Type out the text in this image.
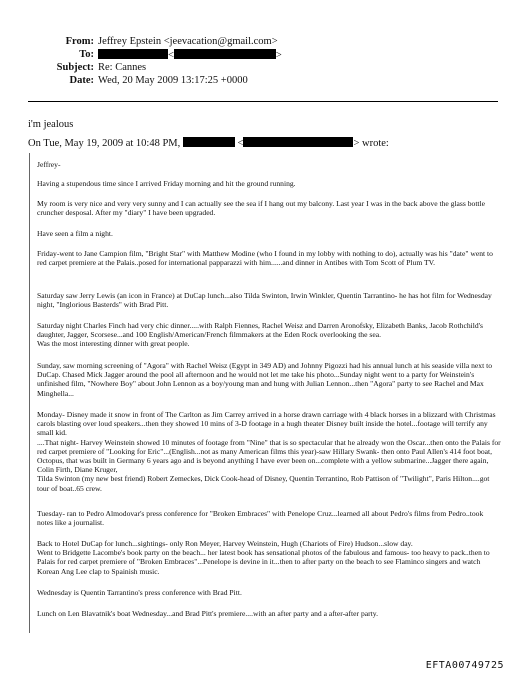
From: Jeffrey Epstein <jeevacation@gmail.com>
To:	<	>
Subject: Re: Cannes
Date: Wed, 20 May 2009 13:17:25 +0000
i'm jealous
On Tue, May 19, 2009 at 10:48 PM,	<	> wrote:

Jeffrey-

Having a stupendous time since I arrived Friday morning and hit the ground running.

My room is very nice and very very sunny and I can actually see the sea if I hang out my balcony. Last year I was in the back above the glass bottle cruncher desposal. After my "diary" I have been upgraded.

Have seen a film a night.

Friday-went to Jane Campion film, "Bright Star" with Matthew Modine (who I found in my lobby with nothing to do), actually was his "date" went to red carpet premiere at the Palais..posed for international papparazzi with him......and dinner in Antibes with Tom Scott of Plum TV.

Saturday saw Jerry Lewis (an icon in France) at DuCap lunch...also Tilda Swinton, Irwin Winkler, Quentin Tarrantino- he has hot film for Wednesday night, "Inglorious Basterds" with Brad Pitt.

Saturday night Charles Finch had very chic dinner.....with Ralph Fiennes, Rachel Weisz and Darren Aronofsky, Elizabeth Banks, Jacob Rothchild's daughter, Jagger, Scorsese...and 100 English/American/French filmmakers at the Eden Rock overlooking the sea.
Was the most interesting dinner with great people.

Sunday, saw morning screening of "Agora" with Rachel Weisz (Egypt in 349 AD) and Johnny Pigozzi had his annual lunch at his seaside villa next to DuCap. Chased Mick Jagger around the pool all afternoon and he would not let me take his photo...Sunday night went to a party for Weinstein's unfinished film, "Nowhere Boy" about John Lennon as a boy/young man and hung with Julian Lennon...then "Agora" party to see Rachel and Max Minghella...

Monday- Disney made it snow in front of The Carlton as Jim Carrey arrived in a horse drawn carriage with 4 black horses in a blizzard with Christmas carols blasting over loud speakers...then they showed 10 mins of 3-D footage in a hugh theater Disney built inside the hotel...footage will terrify any small kid.
....That night- Harvey Weinstein showed 10 minutes of footage from "Nine" that is so spectacular that he already won the Oscar...then onto the Palais for red carpet premiere of "Looking for Eric"...(English...not as many American films this year)-saw Hillary Swank- then onto Paul Allen's 414 foot boat, Octopus, that was built in Germany 6 years ago and is beyond anything I have ever been on...complete with a yellow submarine...Jagger there again, Colin Firth, Diane Kruger,
Tilda Swinton (my new best friend) Robert Zemeckes, Dick Cook-head of Disney, Quentin Terrantino, Rob Pattison of "Twilight", Paris Hilton....got tour of boat..65 crew.

Tuesday- ran to Pedro Almodovar's press conference for "Broken Embraces" with Penelope Cruz...learned all about Pedro's films from Pedro..took notes like a journalist.

Back to Hotel DuCap for lunch...sightings- only Ron Meyer, Harvey Weinstein, Hugh (Chariots of Fire) Hudson...slow day.
Went to Bridgette Lacombe's book party on the beach... her latest book has sensational photos of the fabulous and famous- too heavy to pack..then to Palais for red carpet premiere of "Broken Embraces"...Penelope is devine in it...then to after party on the beach to see Flaminco singers and watch Korean Ang Lee clap to Spainish music.

Wednesday is Quentin Tarrantino's press conference with Brad Pitt.

Lunch on Len Blavatnik's boat Wednesday...and Brad Pitt's premiere....with an after party and a after-after party.

EFTA00749725
